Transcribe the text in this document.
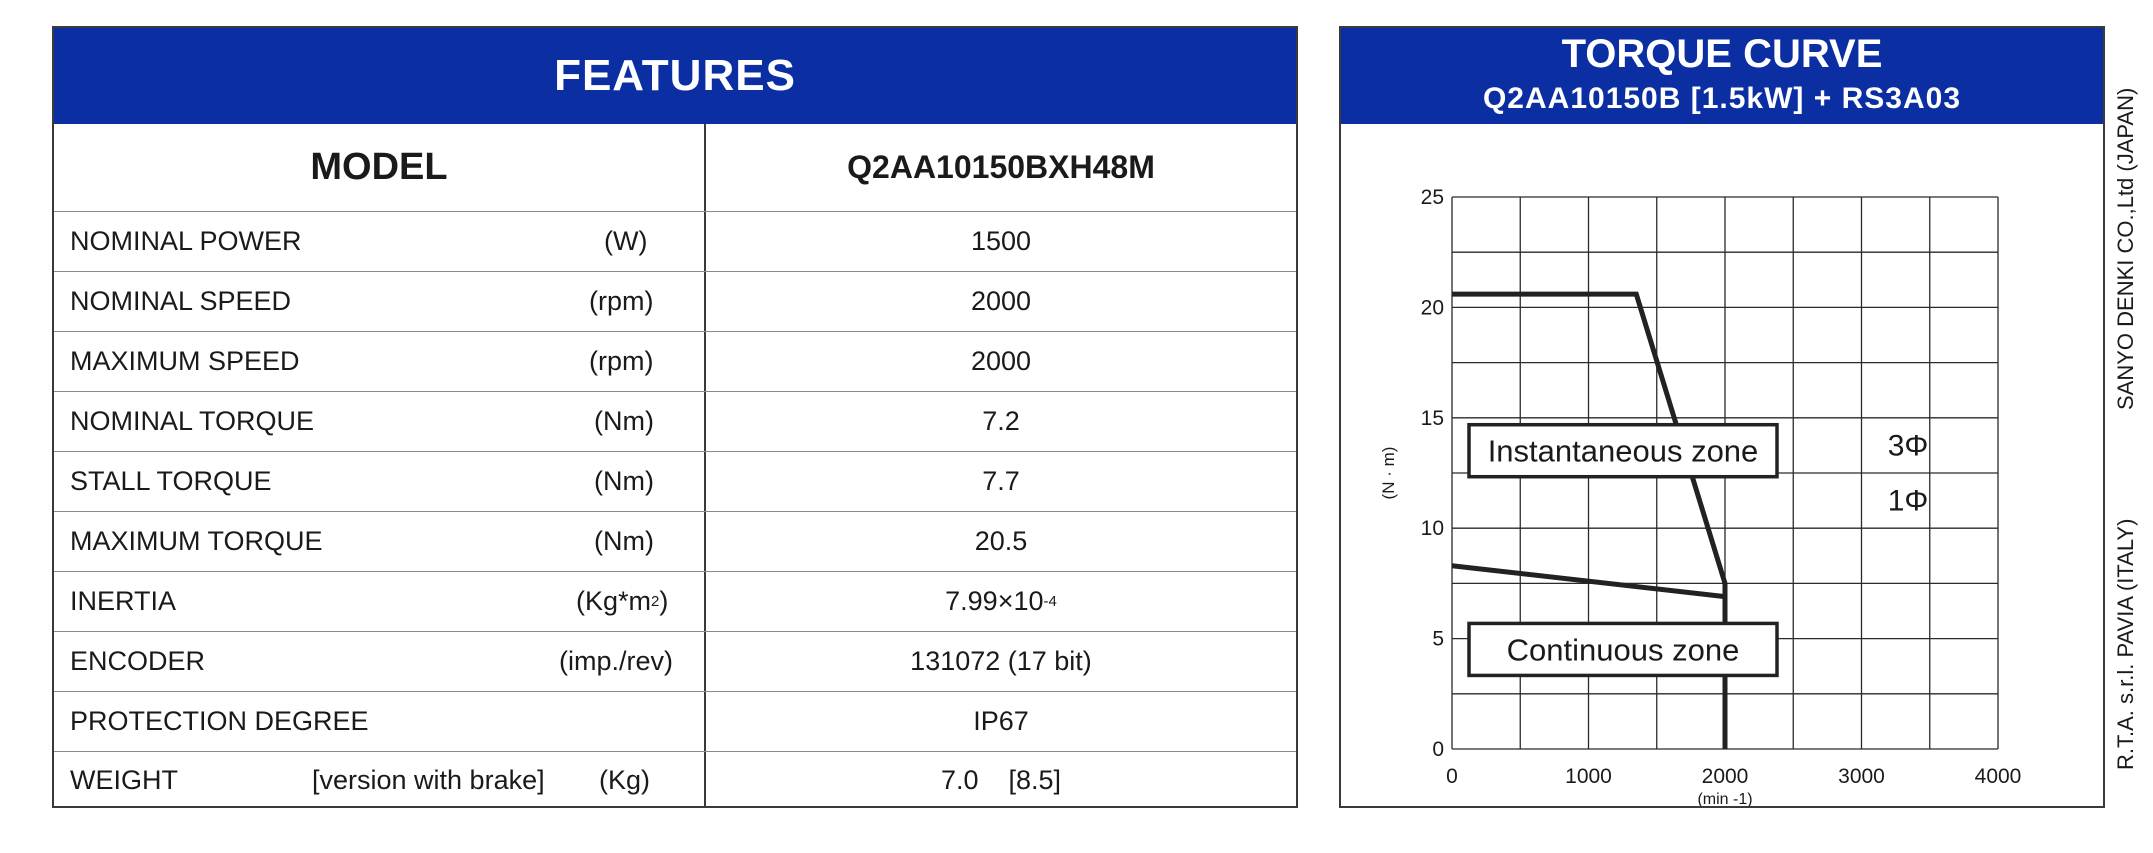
FEATURES
MODEL	Q2AA10150BXH48M
NOMINAL POWER	(W)	1500
NOMINAL SPEED	(rpm)	2000
MAXIMUM SPEED	(rpm)	2000
NOMINAL TORQUE	(Nm)	7.2
STALL TORQUE	(Nm)	7.7
MAXIMUM TORQUE	(Nm)	20.5
INERTIA	(Kg*m 2 )	7.99×10 -4
ENCODER	(imp./rev)	131072 (17 bit)
PROTECTION DEGREE	IP67
WEIGHT	[version with brake] (Kg)	7.0    [8.5]
TORQUE CURVE
Q2AA10150B [1.5kW] + RS3A03
0	1000	2000	3000	4000
0
5
10
15
20
25
(min -1)
(N · m)	Instantaneous zone
Continuous zone
3Φ
1Φ
R.T.A. s.r.l. PAVIA (ITALY)
SANYO DENKI CO.,Ltd (JAPAN)
